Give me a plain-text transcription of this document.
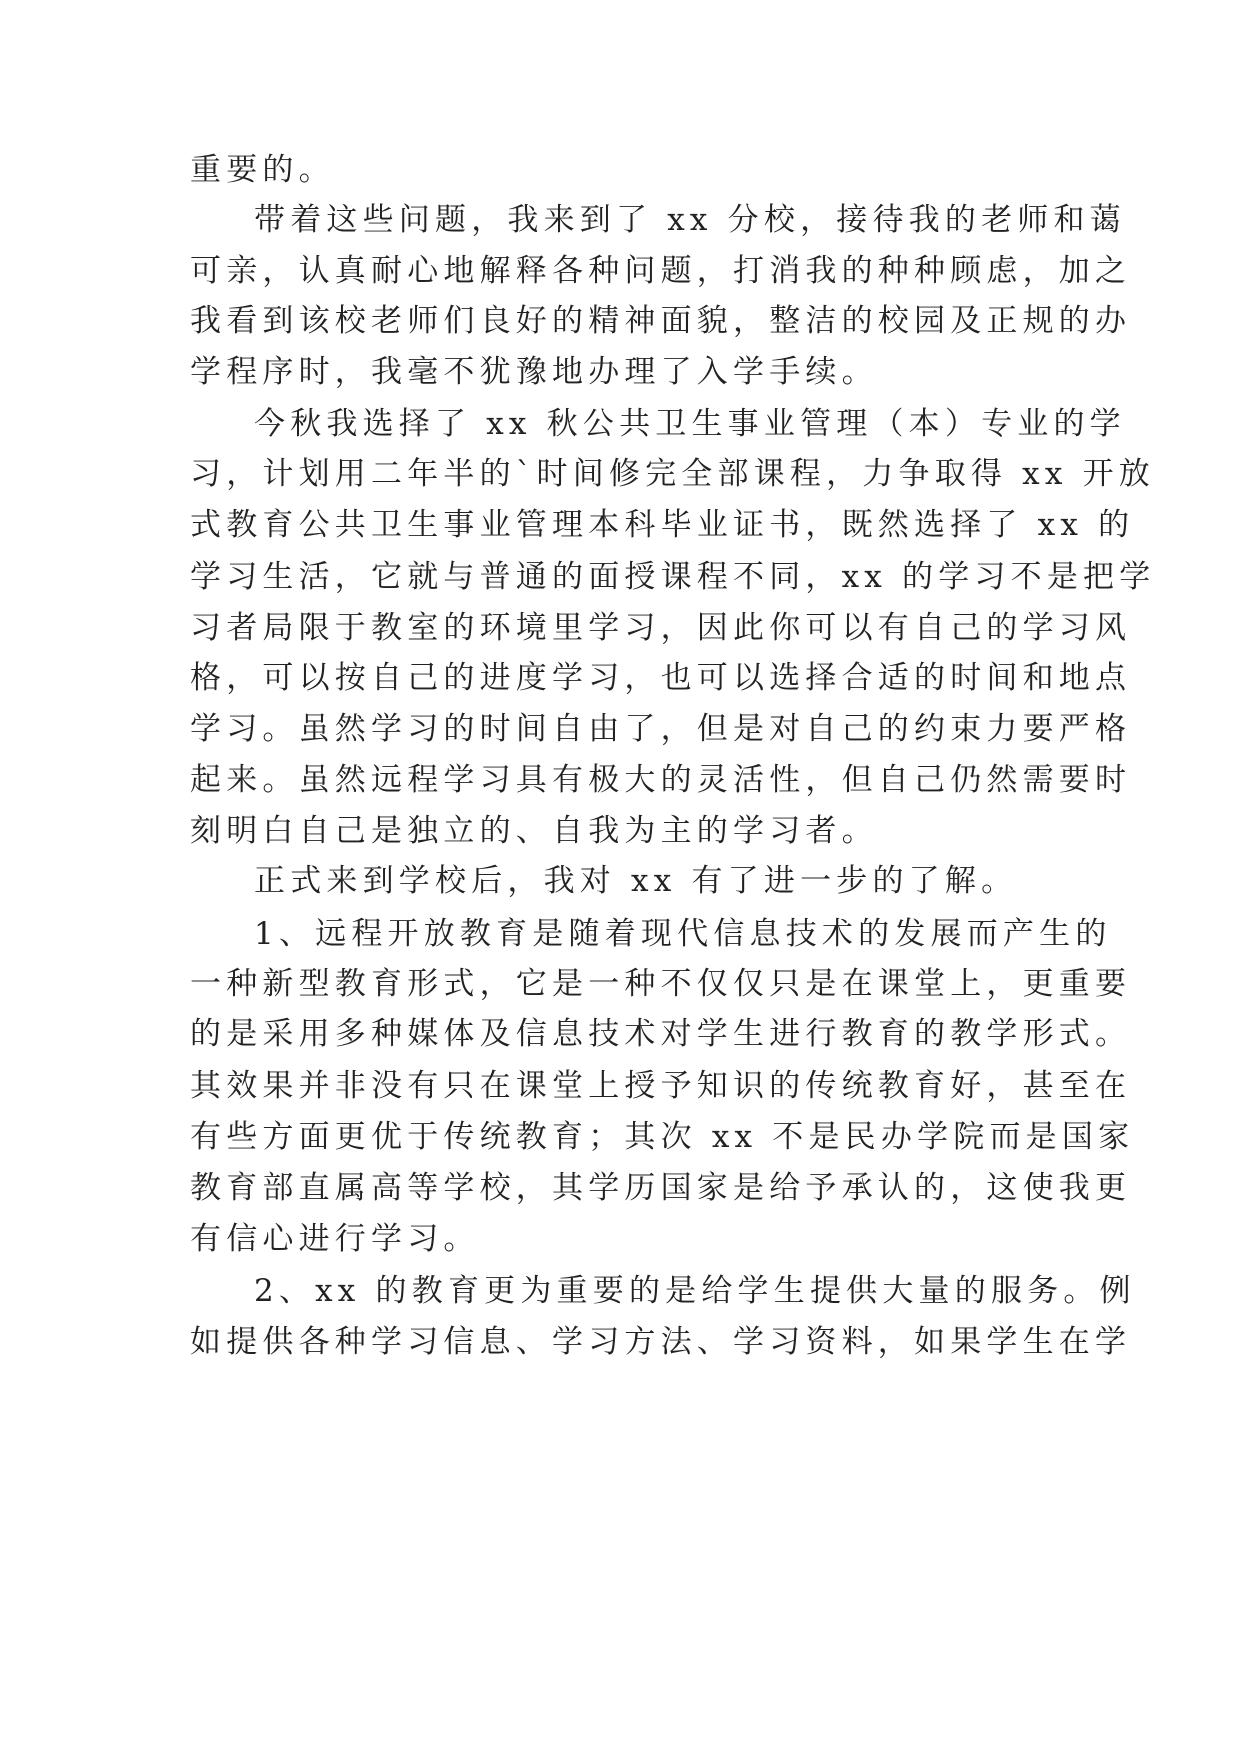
重要的。
带着这些问题，我来到了 xx 分校，接待我的老师和蔼
可亲，认真耐心地解释各种问题，打消我的种种顾虑，加之
我看到该校老师们良好的精神面貌，整洁的校园及正规的办
学程序时，我毫不犹豫地办理了入学手续。
今秋我选择了 xx 秋公共卫生事业管理（本）专业的学
习，计划用二年半的`时间修完全部课程，力争取得 xx 开放
式教育公共卫生事业管理本科毕业证书，既然选择了 xx 的
学习生活，它就与普通的面授课程不同，xx 的学习不是把学
习者局限于教室的环境里学习，因此你可以有自己的学习风
格，可以按自己的进度学习，也可以选择合适的时间和地点
学习。虽然学习的时间自由了，但是对自己的约束力要严格
起来。虽然远程学习具有极大的灵活性，但自己仍然需要时
刻明白自己是独立的、自我为主的学习者。
正式来到学校后，我对 xx 有了进一步的了解。
1、远程开放教育是随着现代信息技术的发展而产生的
一种新型教育形式，它是一种不仅仅只是在课堂上，更重要
的是采用多种媒体及信息技术对学生进行教育的教学形式。
其效果并非没有只在课堂上授予知识的传统教育好，甚至在
有些方面更优于传统教育；其次 xx 不是民办学院而是国家
教育部直属高等学校，其学历国家是给予承认的，这使我更
有信心进行学习。
2、xx 的教育更为重要的是给学生提供大量的服务。例
如提供各种学习信息、学习方法、学习资料，如果学生在学
